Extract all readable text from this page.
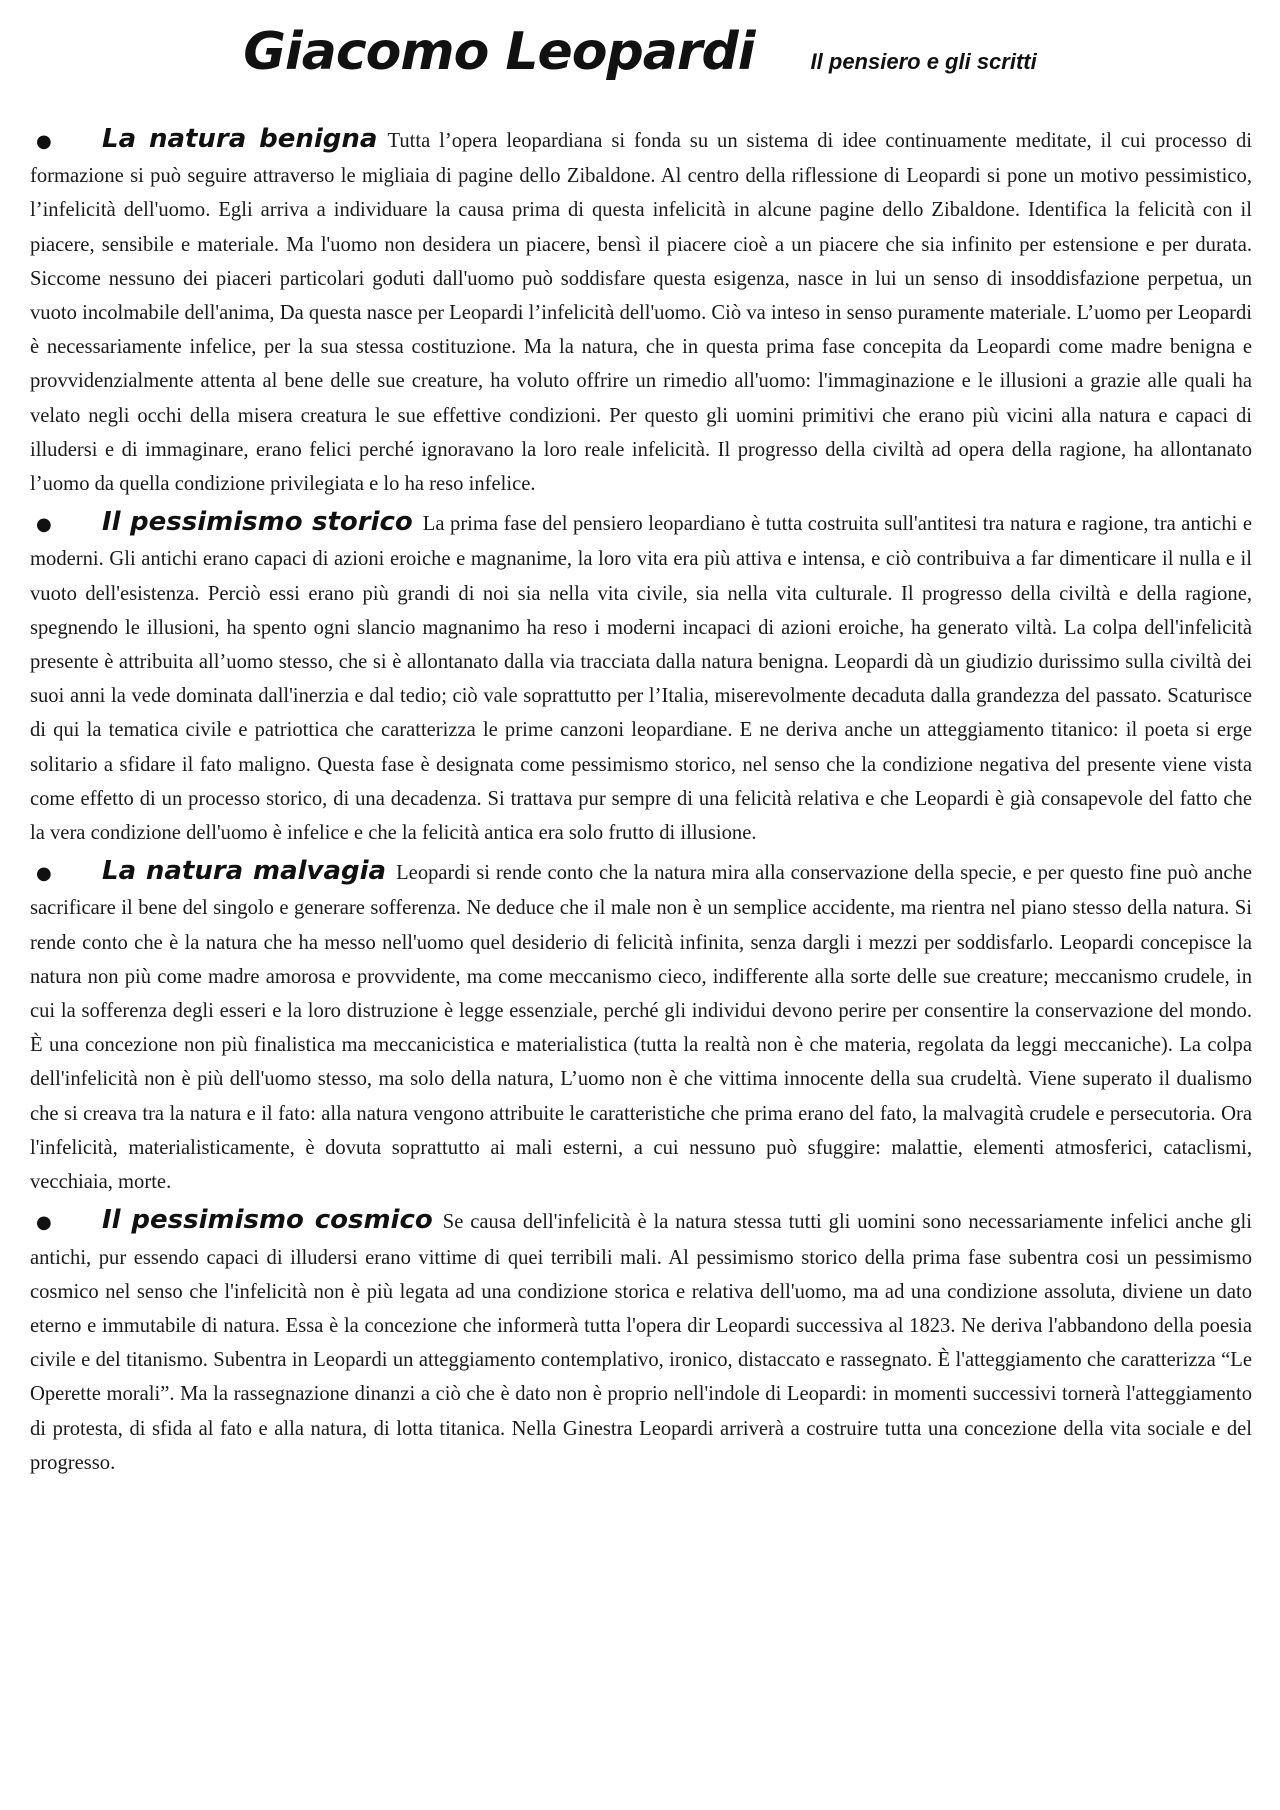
Giacomo Leopardi	Il pensiero e gli scritti

● La natura benigna Tutta l’opera leopardiana si fonda su un sistema di idee continuamente meditate, il cui processo di formazione si può seguire attraverso le migliaia di pagine dello Zibaldone. Al centro della riflessione di Leopardi si pone un motivo pessimistico, l’infelicità dell'uomo. Egli arriva a individuare la causa prima di questa infelicità in alcune pagine dello Zibaldone. Identifica la felicità con il piacere, sensibile e materiale. Ma l'uomo non desidera un piacere, bensì il piacere cioè a un piacere che sia infinito per estensione e per durata. Siccome nessuno dei piaceri particolari goduti dall'uomo può soddisfare questa esigenza, nasce in lui un senso di insoddisfazione perpetua, un vuoto incolmabile dell'anima, Da questa nasce per Leopardi l’infelicità dell'uomo. Ciò va inteso in senso puramente materiale. L’uomo per Leopardi è necessariamente infelice, per la sua stessa costituzione. Ma la natura, che in questa prima fase concepita da Leopardi come madre benigna e provvidenzialmente attenta al bene delle sue creature, ha voluto offrire un rimedio all'uomo: l'immaginazione e le illusioni a grazie alle quali ha velato negli occhi della misera creatura le sue effettive condizioni. Per questo gli uomini primitivi che erano più vicini alla natura e capaci di illudersi e di immaginare, erano felici perché ignoravano la loro reale infelicità. Il progresso della civiltà ad opera della ragione, ha allontanato l’uomo da quella condizione privilegiata e lo ha reso infelice.

● Il pessimismo storico La prima fase del pensiero leopardiano è tutta costruita sull'antitesi tra natura e ragione, tra antichi e moderni. Gli antichi erano capaci di azioni eroiche e magnanime, la loro vita era più attiva e intensa, e ciò contribuiva a far dimenticare il nulla e il vuoto dell'esistenza. Perciò essi erano più grandi di noi sia nella vita civile, sia nella vita culturale. Il progresso della civiltà e della ragione, spegnendo le illusioni, ha spento ogni slancio magnanimo ha reso i moderni incapaci di azioni eroiche, ha generato viltà. La colpa dell'infelicità presente è attribuita all’uomo stesso, che si è allontanato dalla via tracciata dalla natura benigna. Leopardi dà un giudizio durissimo sulla civiltà dei suoi anni la vede dominata dall'inerzia e dal tedio; ciò vale soprattutto per l’Italia, miserevolmente decaduta dalla grandezza del passato. Scaturisce di qui la tematica civile e patriottica che caratterizza le prime canzoni leopardiane. E ne deriva anche un atteggiamento titanico: il poeta si erge solitario a sfidare il fato maligno. Questa fase è designata come pessimismo storico, nel senso che la condizione negativa del presente viene vista come effetto di un processo storico, di una decadenza. Si trattava pur sempre di una felicità relativa e che Leopardi è già consapevole del fatto che la vera condizione dell'uomo è infelice e che la felicità antica era solo frutto di illusione.

● La natura malvagia Leopardi si rende conto che la natura mira alla conservazione della specie, e per questo fine può anche sacrificare il bene del singolo e generare sofferenza. Ne deduce che il male non è un semplice accidente, ma rientra nel piano stesso della natura. Si rende conto che è la natura che ha messo nell'uomo quel desiderio di felicità infinita, senza dargli i mezzi per soddisfarlo. Leopardi concepisce la natura non più come madre amorosa e provvidente, ma come meccanismo cieco, indifferente alla sorte delle sue creature; meccanismo crudele, in cui la sofferenza degli esseri e la loro distruzione è legge essenziale, perché gli individui devono perire per consentire la conservazione del mondo. È una concezione non più finalistica ma meccanicistica e materialistica (tutta la realtà non è che materia, regolata da leggi meccaniche). La colpa dell'infelicità non è più dell'uomo stesso, ma solo della natura, L’uomo non è che vittima innocente della sua crudeltà. Viene superato il dualismo che si creava tra la natura e il fato: alla natura vengono attribuite le caratteristiche che prima erano del fato, la malvagità crudele e persecutoria. Ora l'infelicità, materialisticamente, è dovuta soprattutto ai mali esterni, a cui nessuno può sfuggire: malattie, elementi atmosferici, cataclismi, vecchiaia, morte.

● Il pessimismo cosmico Se causa dell'infelicità è la natura stessa tutti gli uomini sono necessariamente infelici anche gli antichi, pur essendo capaci di illudersi erano vittime di quei terribili mali. Al pessimismo storico della prima fase subentra cosi un pessimismo cosmico nel senso che l'infelicità non è più legata ad una condizione storica e relativa dell'uomo, ma ad una condizione assoluta, diviene un dato eterno e immutabile di natura. Essa è la concezione che informerà tutta l'opera dir Leopardi successiva al 1823. Ne deriva l'abbandono della poesia civile e del titanismo. Subentra in Leopardi un atteggiamento contemplativo, ironico, distaccato e rassegnato. È l'atteggiamento che caratterizza “Le Operette morali”. Ma la rassegnazione dinanzi a ciò che è dato non è proprio nell'indole di Leopardi: in momenti successivi tornerà l'atteggiamento di protesta, di sfida al fato e alla natura, di lotta titanica. Nella Ginestra Leopardi arriverà a costruire tutta una concezione della vita sociale e del progresso.
